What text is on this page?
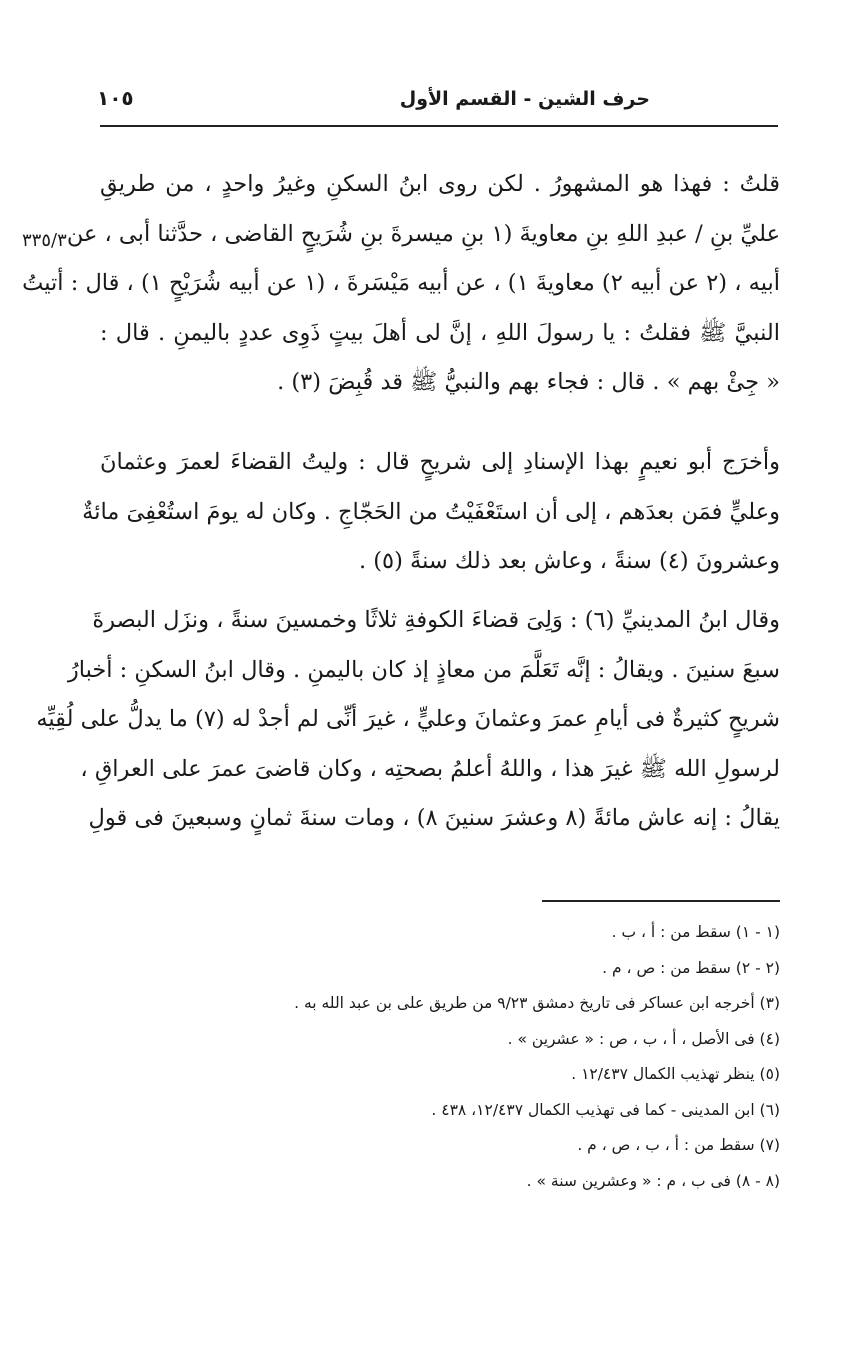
١٠٥	حرف الشين - القسم الأول
٣٣٥/٣
قلتُ : فهذا هو المشهورُ . لكن روى ابنُ السكنِ وغيرُ واحدٍ ، من طريقِ
عليِّ بنِ / عبدِ اللهِ بنِ معاويةَ (١ بنِ ميسرةَ بنِ شُرَيحٍ القاضى ، حدَّثنا أبى ، عن
أبيه ، (٢ عن أبيه ٢) معاويةَ ١) ، عن أبيه مَيْسَرةَ ، (١ عن أبيه شُرَيْحٍ ١) ، قال : أتيتُ
النبيَّ ﷺ فقلتُ : يا رسولَ اللهِ ، إنَّ لى أهلَ بيتٍ ذَوِى عددٍ باليمنِ . قال :
« جِئْ بهم » . قال : فجاء بهم والنبيُّ ﷺ قد قُبِضَ (٣) .
وأخرَج أبو نعيمٍ بهذا الإسنادِ إلى شريحٍ قال : وليتُ القضاءَ لعمرَ وعثمانَ
وعليٍّ فمَن بعدَهم ، إلى أن استَعْفَيْتُ من الحَجّاجِ . وكان له يومَ استُعْفِىَ مائةٌ
وعشرونَ (٤) سنةً ، وعاش بعد ذلك سنةً (٥) .
وقال ابنُ المدينيِّ (٦) : وَلِىَ قضاءَ الكوفةِ ثلاثًا وخمسينَ سنةً ، ونزَل البصرةَ
سبعَ سنينَ . ويقالُ : إنَّه تَعَلَّمَ من معاذٍ إذ كان باليمنِ . وقال ابنُ السكنِ : أخبارُ
شريحٍ كثيرةٌ فى أيامِ عمرَ وعثمانَ وعليٍّ ، غيرَ أنِّى لم أجدْ له (٧) ما يدلُّ على لُقِيِّه
لرسولِ الله ﷺ غيرَ هذا ، واللهُ أعلمُ بصحتِه ، وكان قاضىَ عمرَ على العراقِ ،
يقالُ : إنه عاش مائةً (٨ وعشرَ سنينَ ٨) ، ومات سنةَ ثمانٍ وسبعينَ فى قولِ
(١ - ١) سقط من : أ ، ب .
(٢ - ٢) سقط من : ص ، م .
(٣) أخرجه ابن عساكر فى تاريخ دمشق ٩/٢٣ من طريق على بن عبد الله به .
(٤) فى الأصل ، أ ، ب ، ص : « عشرين » .
(٥) ينظر تهذيب الكمال ١٢/٤٣٧ .
(٦) ابن المدينى - كما فى تهذيب الكمال ١٢/٤٣٧، ٤٣٨ .
(٧) سقط من : أ ، ب ، ص ، م .
(٨ - ٨) فى ب ، م : « وعشرين سنة » .
